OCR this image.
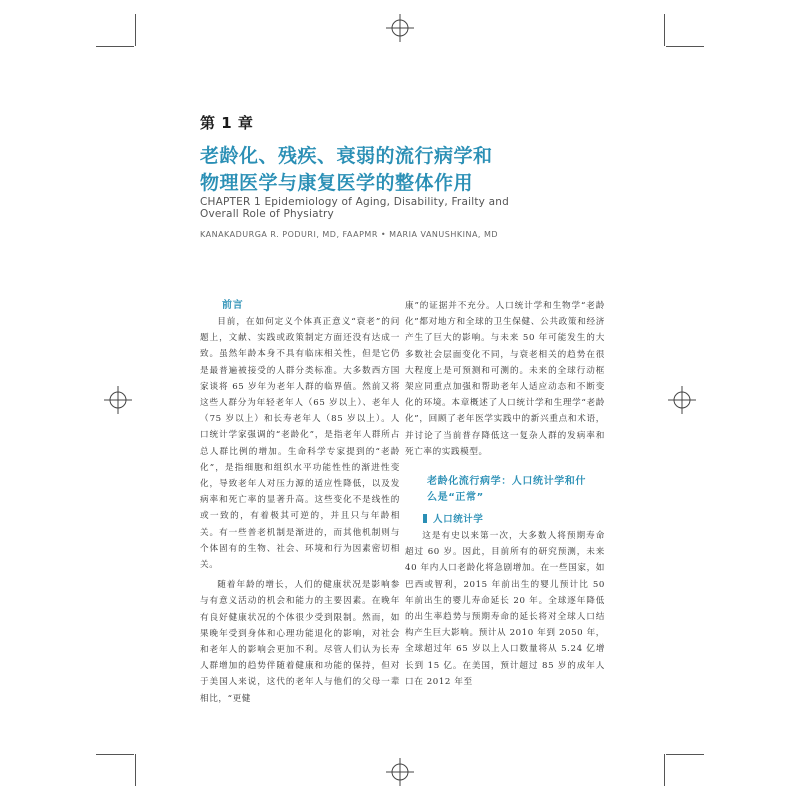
第 1 章
老龄化、残疾、衰弱的流行病学和
物理医学与康复医学的整体作用
CHAPTER 1 Epidemiology of Aging, Disability, Frailty and
Overall Role of Physiatry
KANAKADURGA R. PODURI, MD, FAAPMR • MARIA VANUSHKINA, MD
前言

目前，在如何定义个体真正意义“衰老”的问题上，文献、实践或政策制定方面还没有达成一致。虽然年龄本身不具有临床相关性，但是它仍是最普遍被接受的人群分类标准。大多数西方国家谈将 65 岁年为老年人群的临界值。然前又将这些人群分为年轻老年人（65 岁以上）、老年人（75 岁以上）和长寿老年人（85 岁以上）。人口统计学家强调的“老龄化”，是指老年人群所占总人群比例的增加。生命科学专家提到的“老龄化”，是指细胞和组织水平功能性性的渐进性变化，导致老年人对压力源的适应性降低，以及发病率和死亡率的显著升高。这些变化不是线性的或一致的，有着极其可逆的，并且只与年龄相关。有一些普老机制是渐进的，而其他机制则与个体固有的生物、社会、环境和行为因素密切相关。

随着年龄的增长，人们的健康状况是影响参与有意义活动的机会和能力的主要因素。在晚年有良好健康状况的个体很少受到限制。然而，如果晚年受到身体和心理功能退化的影响，对社会和老年人的影响会更加不利。尽管人们认为长寿人群增加的趋势伴随着健康和功能的保持，但对于美国人来说，这代的老年人与他们的父母一辈相比，“更健

康”的证据并不充分。人口统计学和生物学“老龄化”都对地方和全球的卫生保健、公共政策和经济产生了巨大的影响。与未来 50 年可能发生的大多数社会层面变化不同，与衰老相关的趋势在很大程度上是可预测和可测的。未来的全球行动框架应同重点加强和帮助老年人适应动态和不断变化的环境。本章概述了人口统计学和生理学“老龄化”，回顾了老年医学实践中的新兴重点和术语，并讨论了当前普存降低这一复杂人群的发病率和死亡率的实践模型。

老龄化流行病学：人口统计学和什
么是“正常”
人口统计学

这是有史以来第一次，大多数人将预期寿命超过 60 岁。因此，目前所有的研究预测，未来 40 年内人口老龄化将急剧增加。在一些国家，如巴西或智利，2015 年前出生的婴儿预计比 50 年前出生的婴儿寿命延长 20 年。全球逐年降低的出生率趋势与预期寿命的延长将对全球人口结构产生巨大影响。预计从 2010 年到 2050 年，全球超过年 65 岁以上人口数量将从 5.24 亿增长到 15 亿。在美国，预计超过 85 岁的成年人口在 2012 年至
